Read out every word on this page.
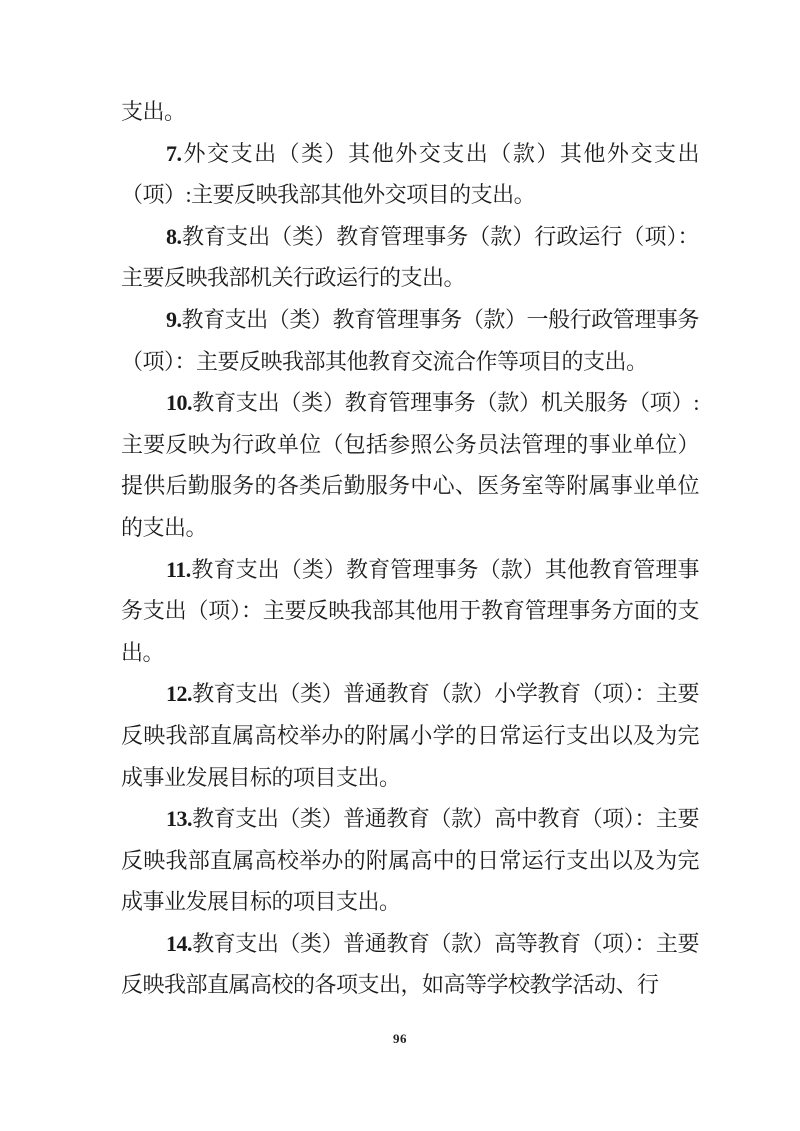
支出。

7.外交支出（类）其他外交支出（款）其他外交支出（项）:主要反映我部其他外交项目的支出。

8.教育支出（类）教育管理事务（款）行政运行（项）：主要反映我部机关行政运行的支出。

9.教育支出（类）教育管理事务（款）一般行政管理事务（项）：主要反映我部其他教育交流合作等项目的支出。

10.教育支出（类）教育管理事务（款）机关服务（项）:主要反映为行政单位（包括参照公务员法管理的事业单位）提供后勤服务的各类后勤服务中心、医务室等附属事业单位的支出。

11.教育支出（类）教育管理事务（款）其他教育管理事务支出（项）：主要反映我部其他用于教育管理事务方面的支出。

12.教育支出（类）普通教育（款）小学教育（项）：主要反映我部直属高校举办的附属小学的日常运行支出以及为完成事业发展目标的项目支出。

13.教育支出（类）普通教育（款）高中教育（项）：主要反映我部直属高校举办的附属高中的日常运行支出以及为完成事业发展目标的项目支出。

14.教育支出（类）普通教育（款）高等教育（项）：主要反映我部直属高校的各项支出，如高等学校教学活动、行

96
